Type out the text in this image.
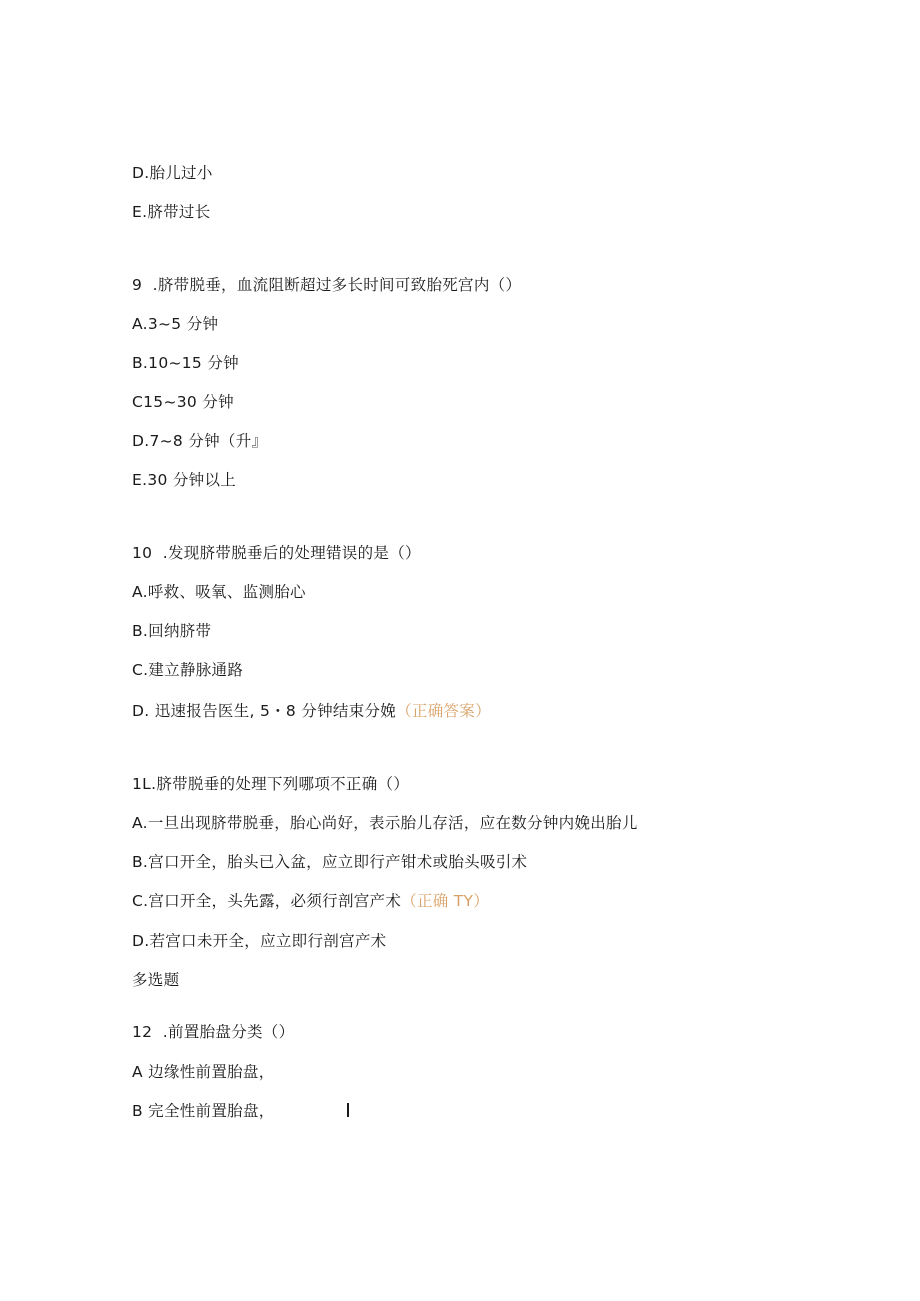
D.胎儿过小
E.脐带过长
9  .脐带脱垂，血流阻断超过多长时间可致胎死宫内（）
A.3~5 分钟
B.10~15 分钟
C15~30 分钟
D.7~8 分钟（升』
E.30 分钟以上
10  .发现脐带脱垂后的处理错误的是（）
A.呼救、吸氧、监测胎心
B.回纳脐带
C.建立静脉通路
D. 迅速报告医生, 5・8 分钟结束分娩（正确答案）
1L.脐带脱垂的处理下列哪项不正确（）
A.一旦出现脐带脱垂，胎心尚好，表示胎儿存活，应在数分钟内娩出胎儿
B.宫口开全，胎头已入盆，应立即行产钳术或胎头吸引术
C.宫口开全，头先露，必须行剖宫产术（正确 TY）
D.若宫口未开全，应立即行剖宫产术
多选题
12  .前置胎盘分类（）
A 边缘性前置胎盘，
B 完全性前置胎盘，
